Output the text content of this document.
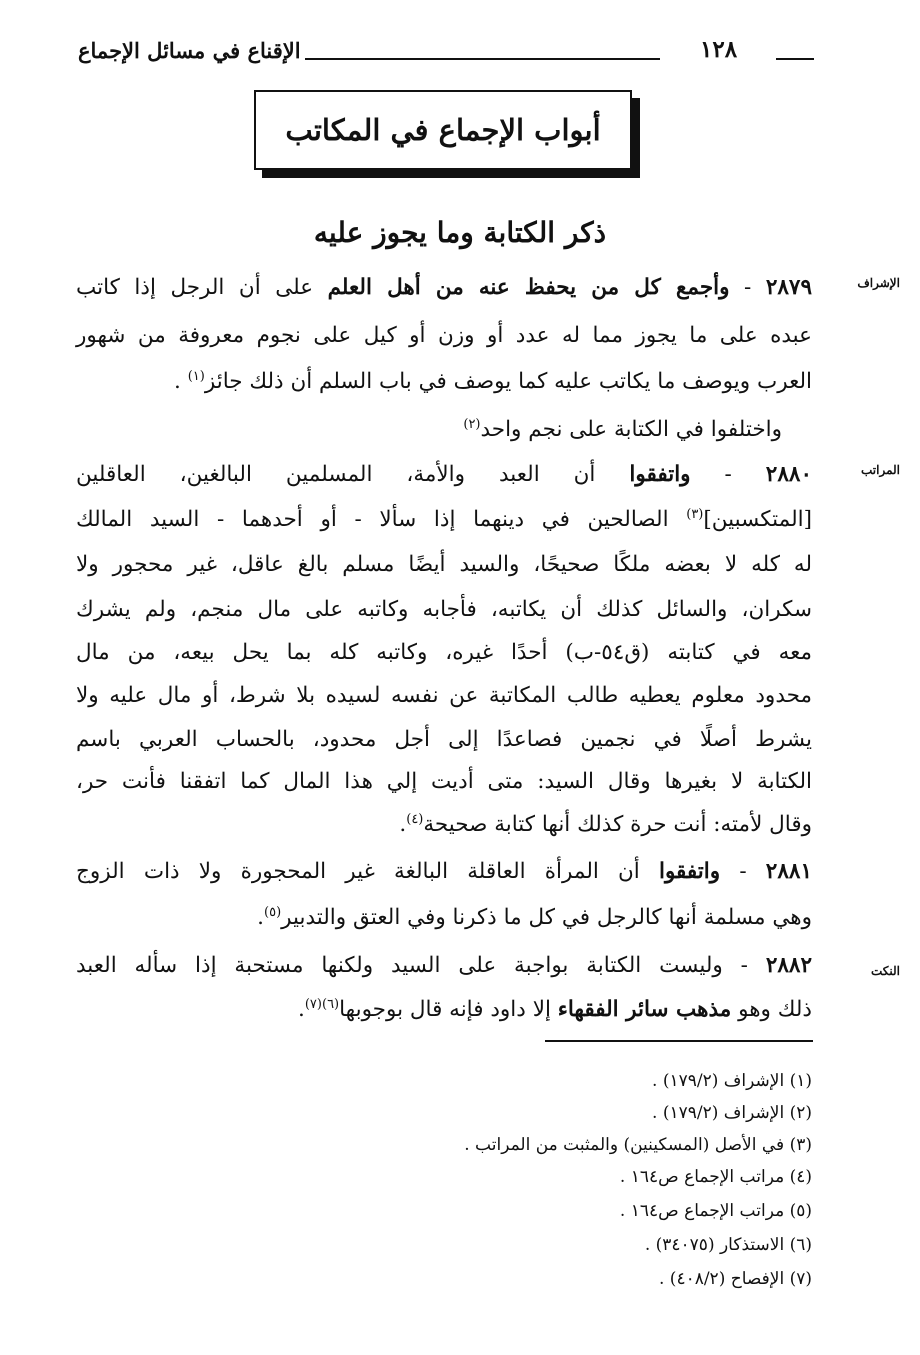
الإقناع في مسائل الإجماع	١٢٨
أبواب الإجماع في المكاتب
ذكر الكتابة وما يجوز عليه
الإشراف
المراتب
النكت
٢٨٧٩ - وأجمع كل من يحفظ عنه من أهل العلم على أن الرجل إذا كاتب
عبده على ما يجوز مما له عدد أو وزن أو كيل على نجوم معروفة من شهور
العرب ويوصف ما يكاتب عليه كما يوصف في باب السلم أن ذلك جائز$^{(١)}$ .
واختلفوا في الكتابة على نجم واحد$^{(٢)}$
٢٨٨٠ - واتفقوا أن العبد والأمة، المسلمين البالغين، العاقلين
[المتكسبين]$^{(٣)}$ الصالحين في دينهما إذا سألا - أو أحدهما - السيد المالك
له كله لا بعضه ملكًا صحيحًا، والسيد أيضًا مسلم بالغ عاقل، غير محجور ولا
سكران، والسائل كذلك أن يكاتبه، فأجابه وكاتبه على مال منجم، ولم يشرك
معه في كتابته (ق٥٤-ب) أحدًا غيره، وكاتبه كله بما يحل بيعه، من مال
محدود معلوم يعطيه طالب المكاتبة عن نفسه لسيده بلا شرط، أو مال عليه ولا
يشرط أصلًا في نجمين فصاعدًا إلى أجل محدود، بالحساب العربي باسم
الكتابة لا بغيرها وقال السيد: متى أديت إلي هذا المال كما اتفقنا فأنت حر،
وقال لأمته: أنت حرة كذلك أنها كتابة صحيحة$^{(٤)}$.
٢٨٨١ - واتفقوا أن المرأة العاقلة البالغة غير المحجورة ولا ذات الزوج
وهي مسلمة أنها كالرجل في كل ما ذكرنا وفي العتق والتدبير$^{(٥)}$.
٢٨٨٢ - وليست الكتابة بواجبة على السيد ولكنها مستحبة إذا سأله العبد
ذلك وهو مذهب سائر الفقهاء إلا داود فإنه قال بوجوبها$^{(٦)(٧)}$.
(١) الإشراف (١٧٩/٢) .
(٢) الإشراف (١٧٩/٢) .
(٣) في الأصل (المسكينين) والمثبت من المراتب .
(٤) مراتب الإجماع ص١٦٤ .
(٥) مراتب الإجماع ص١٦٤ .
(٦) الاستذكار (٣٤٠٧٥) .
(٧) الإفصاح (٤٠٨/٢) .
